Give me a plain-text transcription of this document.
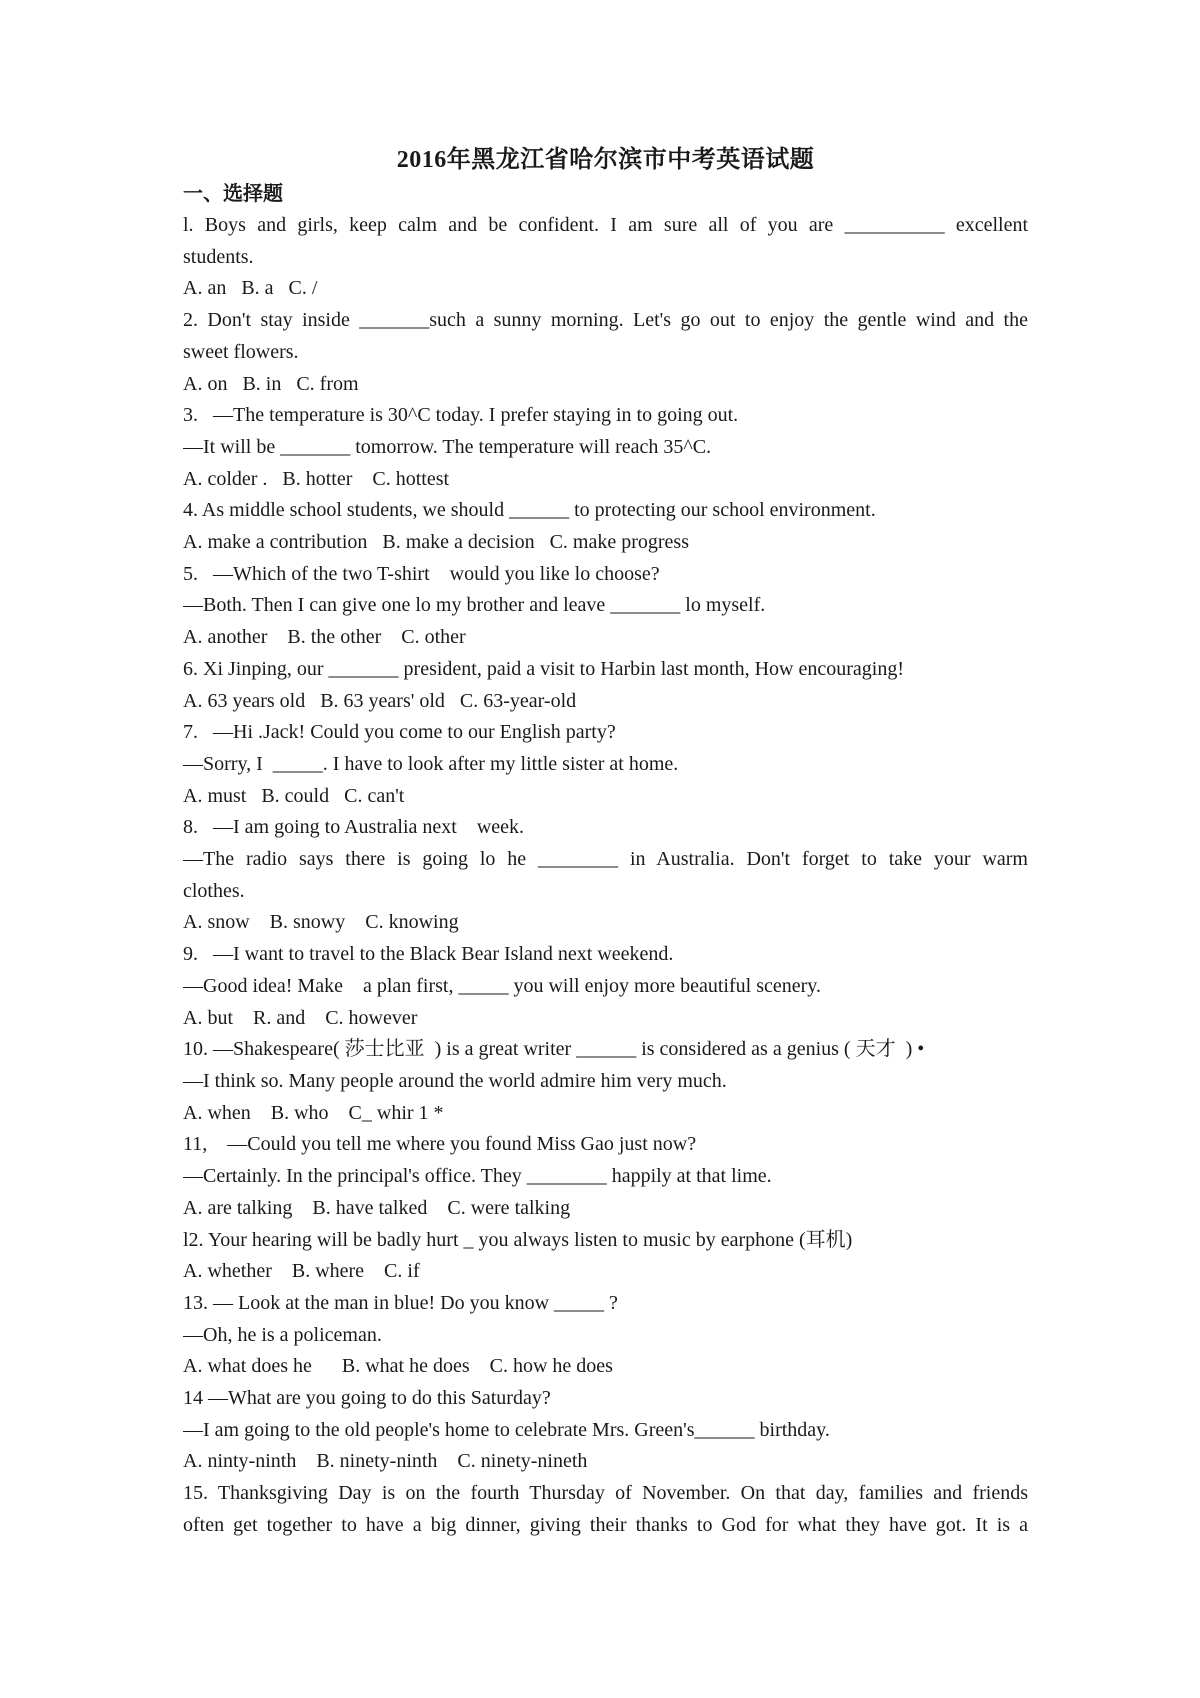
2016年黑龙江省哈尔滨市中考英语试题
一、选择题
l. Boys and girls, keep calm and be confident. I am sure all of you are __________ excellent
students.
A. an   B. a   C. /
2. Don't stay inside _______such a sunny morning. Let's go out to enjoy the gentle wind and the
sweet flowers.
A. on   B. in   C. from
3.   —The temperature is 30^C today. I prefer staying in to going out.
—It will be _______ tomorrow. The temperature will reach 35^C.
A. colder .   B. hotter    C. hottest
4. As middle school students, we should ______ to protecting our school environment.
A. make a contribution   B. make a decision   C. make progress
5.   —Which of the two T-shirt    would you like lo choose?
—Both. Then I can give one lo my brother and leave _______ lo myself.
A. another    B. the other    C. other
6. Xi Jinping, our _______ president, paid a visit to Harbin last month, How encouraging!
A. 63 years old   B. 63 years' old   C. 63-year-old
7.   —Hi .Jack! Could you come to our English party?
—Sorry, I  _____. I have to look after my little sister at home.
A. must   B. could   C. can't
8.   —I am going to Australia next    week.
—The radio says there is going lo he ________ in Australia. Don't forget to take your warm
clothes.
A. snow    B. snowy    C. knowing
9.   —I want to travel to the Black Bear Island next weekend.
—Good idea! Make    a plan first, _____ you will enjoy more beautiful scenery.
A. but    R. and    C. however
10. —Shakespeare( 莎士比亚  ) is a great writer ______ is considered as a genius ( 天才  ) •
—I think so. Many people around the world admire him very much.
A. when    B. who    C_ whir 1 *
11,    —Could you tell me where you found Miss Gao just now?
—Certainly. In the principal's office. They ________ happily at that lime.
A. are talking    B. have talked    C. were talking
l2. Your hearing will be badly hurt _ you always listen to music by earphone (耳机)
A. whether    B. where    C. if
13. — Look at the man in blue! Do you know _____ ?
—Oh, he is a policeman.
A. what does he      B. what he does    C. how he does
14 —What are you going to do this Saturday?
—I am going to the old people's home to celebrate Mrs. Green's______ birthday.
A. ninty-ninth    B. ninety-ninth    C. ninety-nineth
15. Thanksgiving Day is on the fourth Thursday of November. On that day, families and friends
often get together to have a big dinner, giving their thanks to God for what they have got. It is a
